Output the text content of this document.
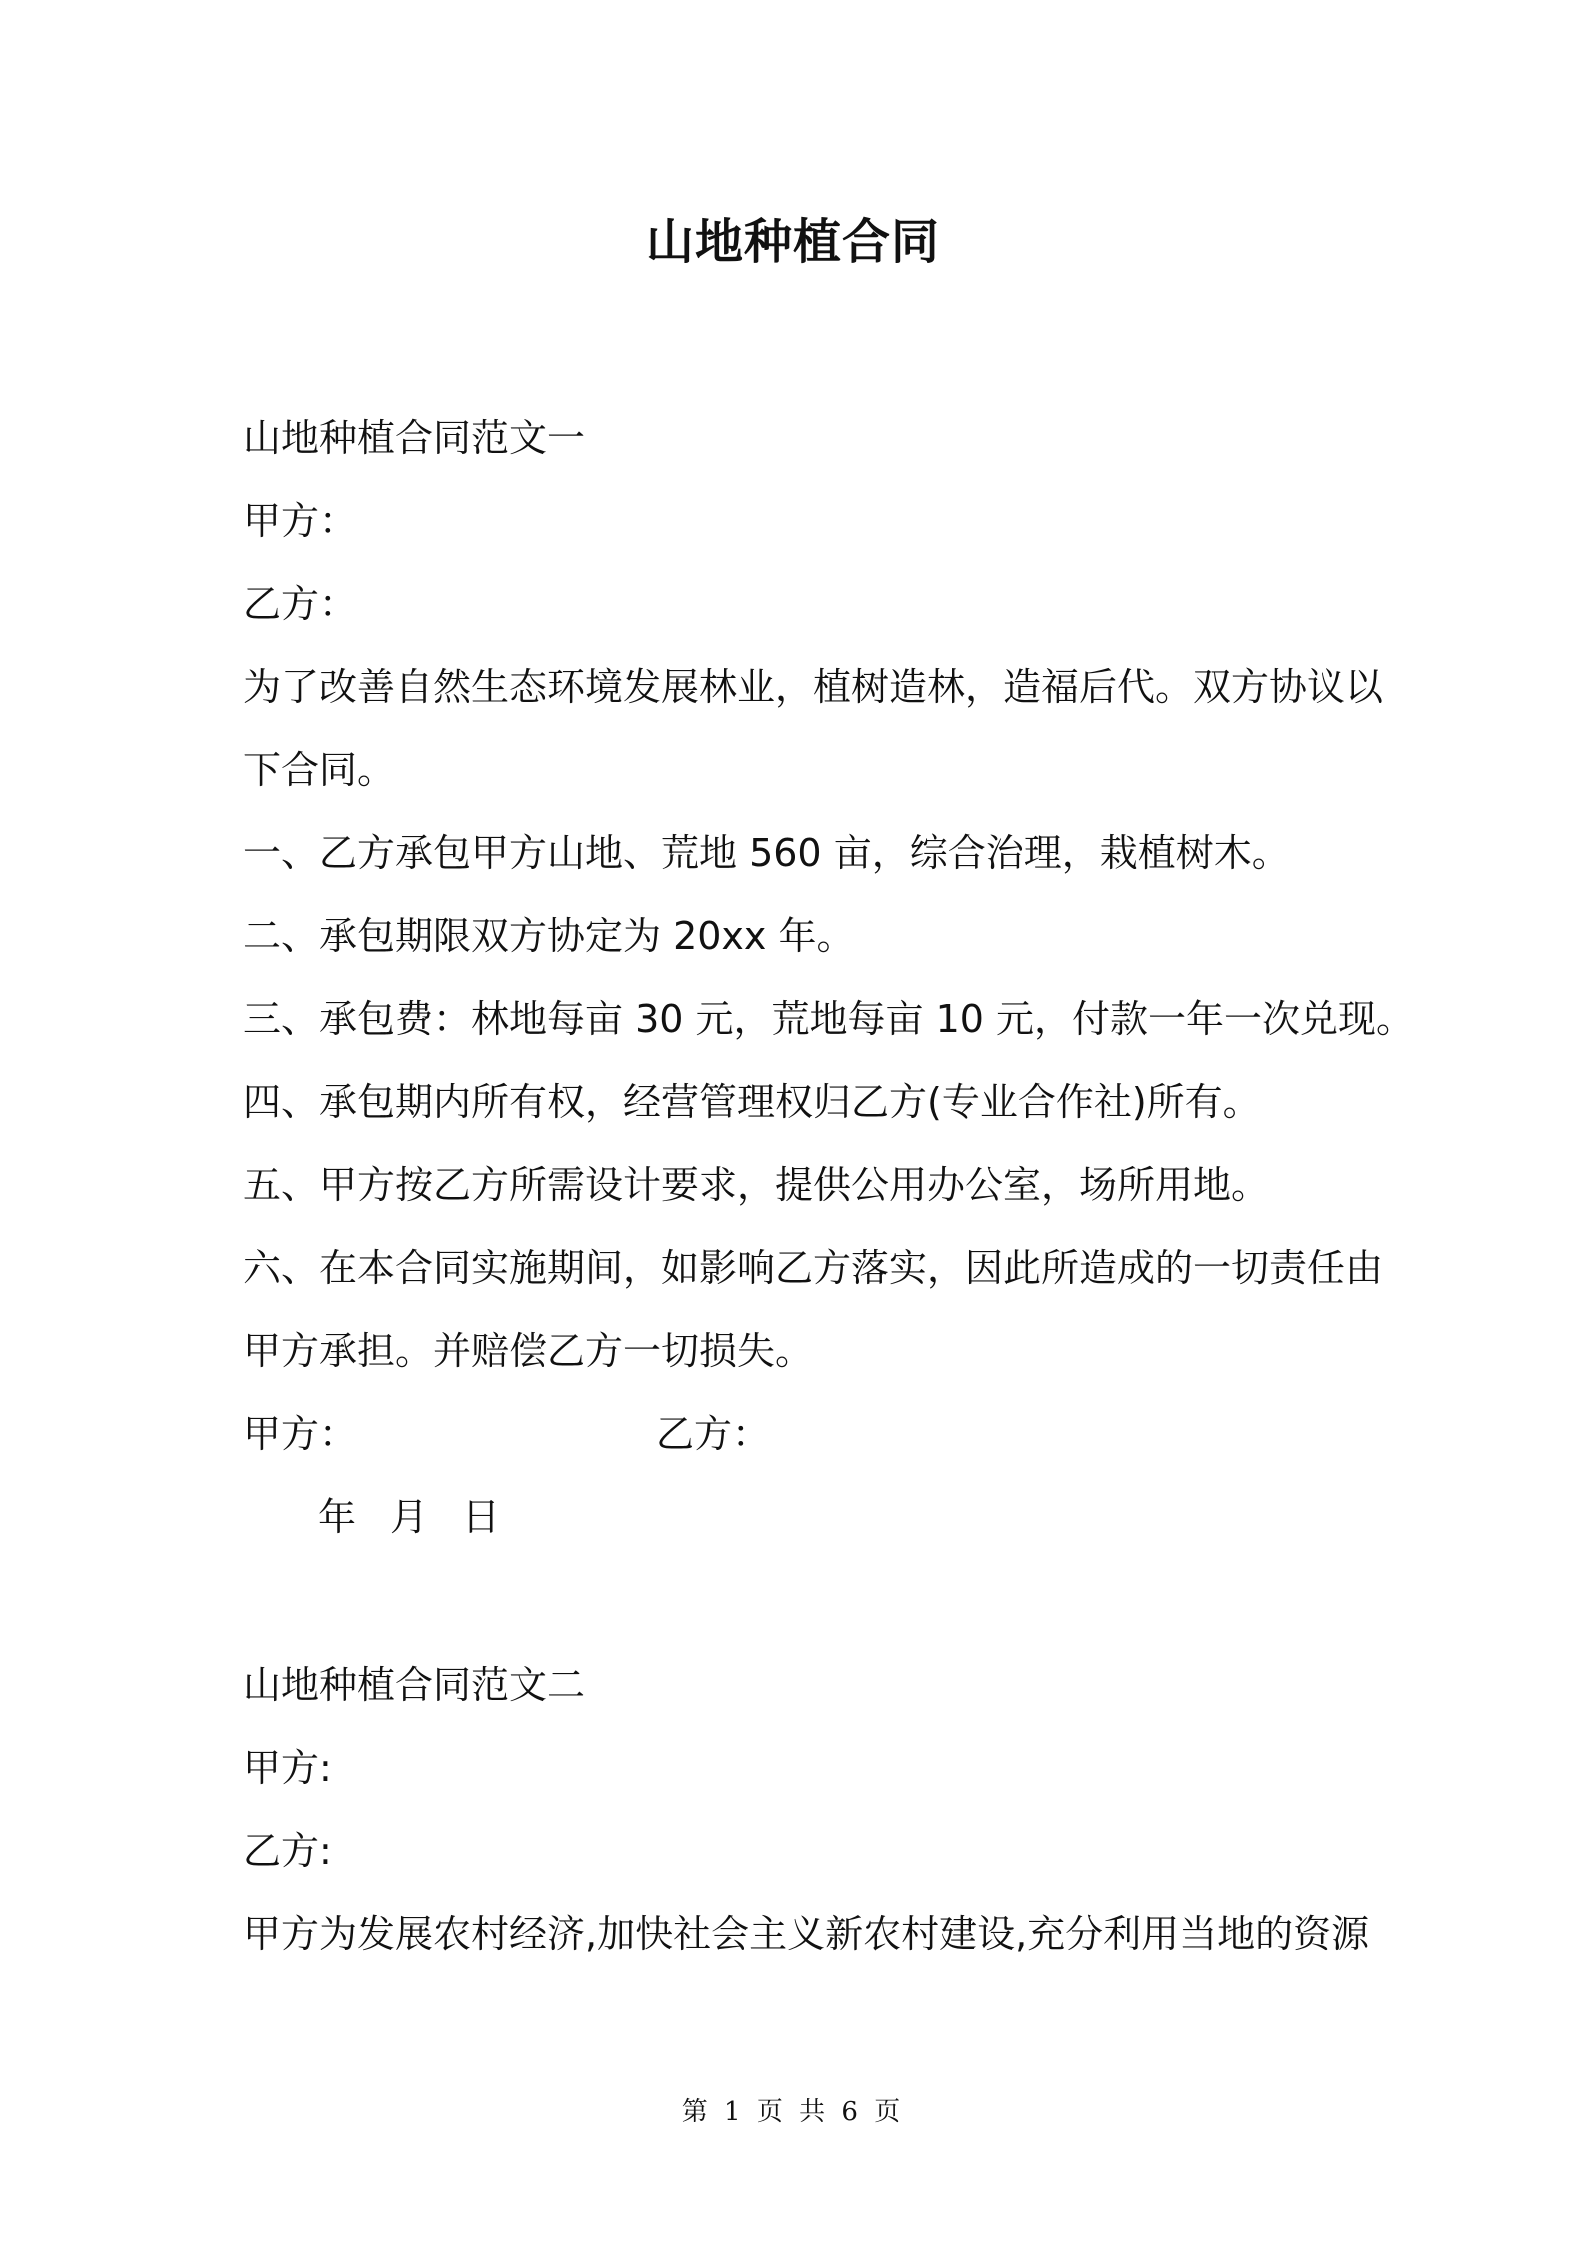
山地种植合同
山地种植合同范文一
甲方：
乙方：
为了改善自然生态环境发展林业，植树造林，造福后代。双方协议以
下合同。
一、乙方承包甲方山地、荒地 560 亩，综合治理，栽植树木。
二、承包期限双方协定为 20xx 年。
三、承包费：林地每亩 30 元，荒地每亩 10 元，付款一年一次兑现。
四、承包期内所有权，经营管理权归乙方(专业合作社)所有。
五、甲方按乙方所需设计要求，提供公用办公室，场所用地。
六、在本合同实施期间，如影响乙方落实，因此所造成的一切责任由
甲方承担。并赔偿乙方一切损失。
甲方：	乙方：
年 月 日
山地种植合同范文二
甲方:
乙方:
甲方为发展农村经济,加快社会主义新农村建设,充分利用当地的资源
第 1 页 共 6 页
